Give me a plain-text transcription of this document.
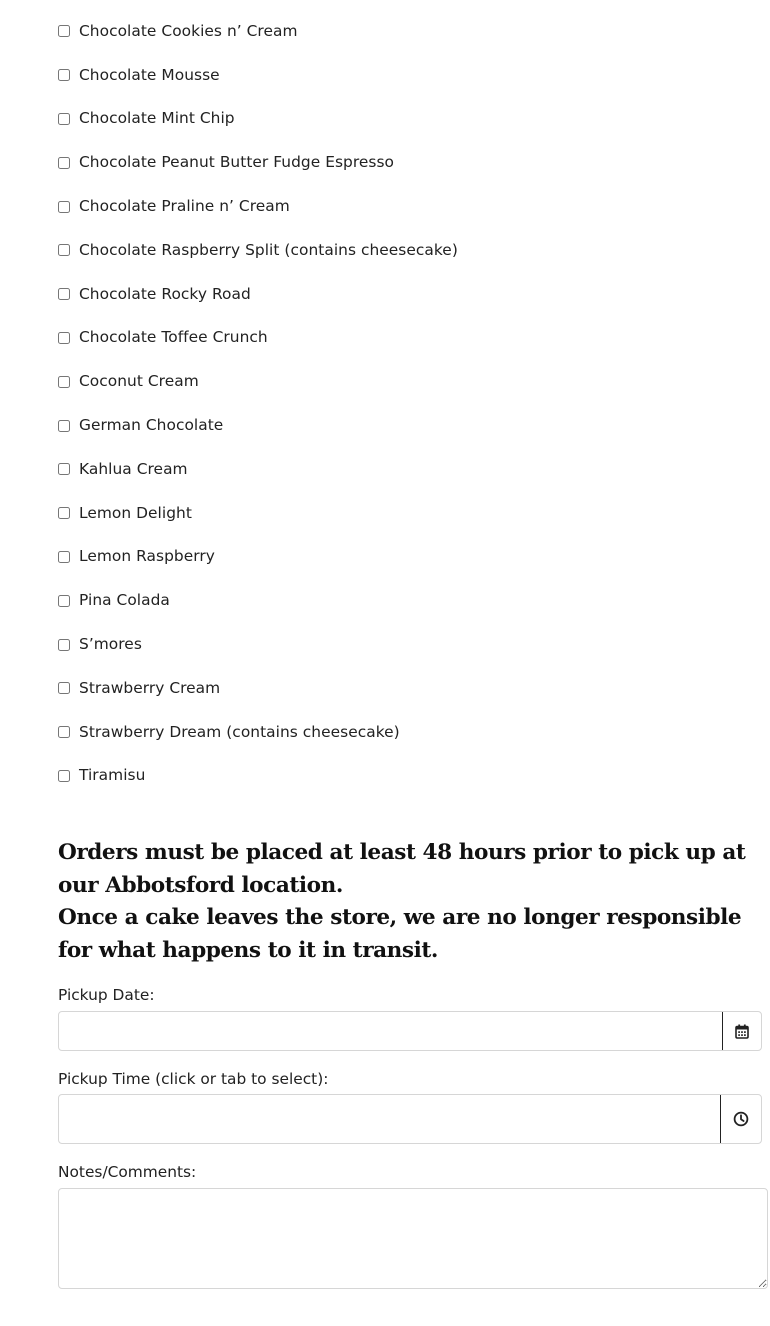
Chocolate Cookies n’ Cream
Chocolate Mousse
Chocolate Mint Chip
Chocolate Peanut Butter Fudge Espresso
Chocolate Praline n’ Cream
Chocolate Raspberry Split (contains cheesecake)
Chocolate Rocky Road
Chocolate Toffee Crunch
Coconut Cream
German Chocolate
Kahlua Cream
Lemon Delight
Lemon Raspberry
Pina Colada
S’mores
Strawberry Cream
Strawberry Dream (contains cheesecake)
Tiramisu
Orders must be placed at least 48 hours prior to pick up at our Abbotsford location.
Once a cake leaves the store, we are no longer responsible for what happens to it in transit.
Pickup Date:
Pickup Time (click or tab to select):
Notes/Comments:
